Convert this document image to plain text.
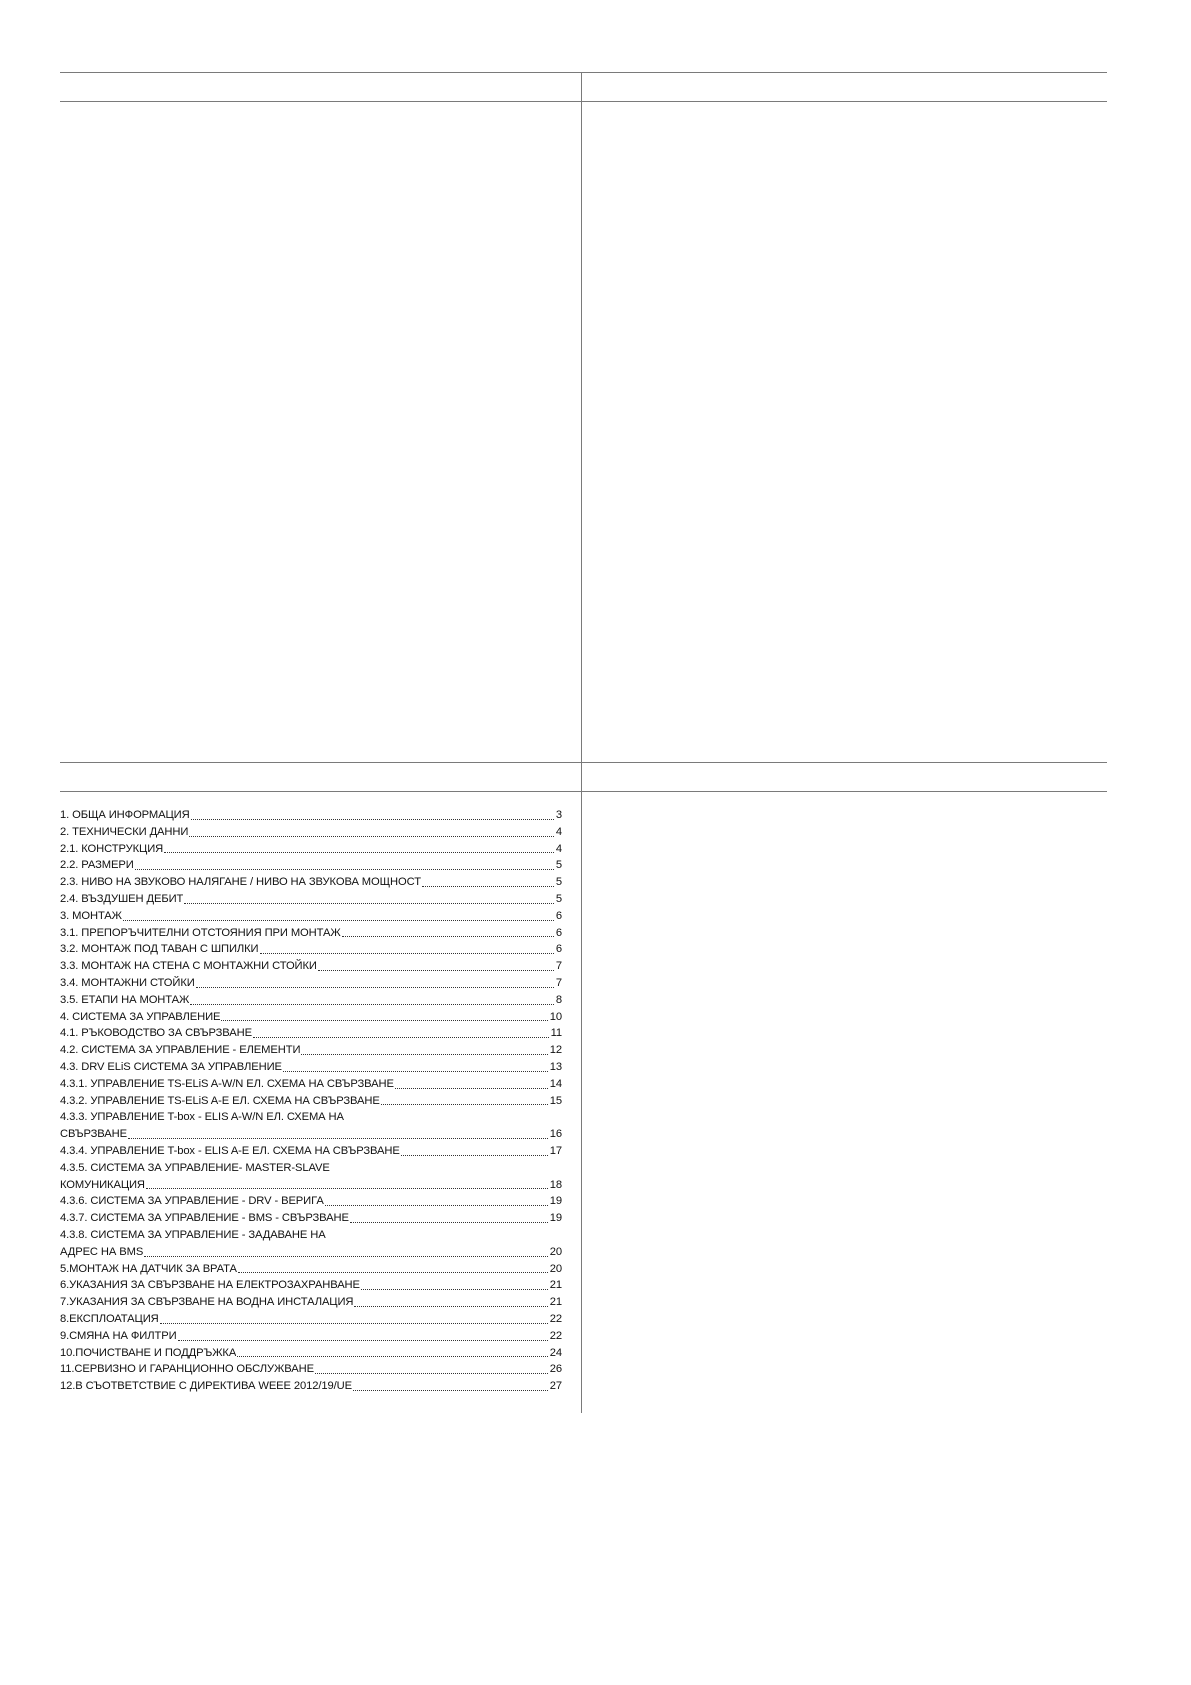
1. ОБЩА ИНФОРМАЦИЯ	3
2. ТЕХНИЧЕСКИ ДАННИ	4
2.1. КОНСТРУКЦИЯ	4
2.2. РАЗМЕРИ	5
2.3. НИВО НА ЗВУКОВО НАЛЯГАНЕ / НИВО НА ЗВУКОВА МОЩНОСТ	5
2.4. ВЪЗДУШЕН ДЕБИТ	5
3. МОНТАЖ	6
3.1. ПРЕПОРЪЧИТЕЛНИ ОТСТОЯНИЯ ПРИ МОНТАЖ	6
3.2. МОНТАЖ ПОД ТАВАН С ШПИЛКИ	6
3.3. МОНТАЖ НА СТЕНА С МОНТАЖНИ СТОЙКИ	7
3.4. МОНТАЖНИ СТОЙКИ	7
3.5. ЕТАПИ НА МОНТАЖ	8
4. СИСТЕМА ЗА УПРАВЛЕНИЕ	10
4.1. РЪКОВОДСТВО ЗА СВЪРЗВАНЕ	11
4.2. СИСТЕМА ЗА УПРАВЛЕНИЕ - ЕЛЕМЕНТИ	12
4.3. DRV ELiS СИСТЕМА ЗА УПРАВЛЕНИЕ	13
4.3.1. УПРАВЛЕНИЕ TS-ELiS A-W/N ЕЛ. СХЕМА НА СВЪРЗВАНЕ	14
4.3.2. УПРАВЛЕНИЕ TS-ELiS A-E ЕЛ. СХЕМА НА СВЪРЗВАНЕ	15
4.3.3. УПРАВЛЕНИЕ T-box - ELIS A-W/N ЕЛ. СХЕМА НА
СВЪРЗВАНЕ	16
4.3.4. УПРАВЛЕНИЕ T-box - ELIS A-E ЕЛ. СХЕМА НА СВЪРЗВАНЕ	17
4.3.5. СИСТЕМА ЗА УПРАВЛЕНИЕ- MASTER-SLAVE
КОМУНИКАЦИЯ	18
4.3.6. СИСТЕМА ЗА УПРАВЛЕНИЕ - DRV - ВЕРИГА	19
4.3.7. СИСТЕМА ЗА УПРАВЛЕНИЕ - BMS - СВЪРЗВАНЕ	19
4.3.8. СИСТЕМА ЗА УПРАВЛЕНИЕ - ЗАДАВАНЕ НА
АДРЕС НА BMS	20
5.МОНТАЖ НА ДАТЧИК ЗА ВРАТА	20
6.УКАЗАНИЯ ЗА СВЪРЗВАНЕ НА ЕЛЕКТРОЗАХРАНВАНЕ	21
7.УКАЗАНИЯ ЗА СВЪРЗВАНЕ НА ВОДНА ИНСТАЛАЦИЯ	21
8.ЕКСПЛОАТАЦИЯ	22
9.СМЯНА НА ФИЛТРИ	22
10.ПОЧИСТВАНЕ И ПОДДРЪЖКА	24
11.СЕРВИЗНО И ГАРАНЦИОННО ОБСЛУЖВАНЕ	26
12.В СЪОТВЕТСТВИЕ С ДИРЕКТИВА WEEE 2012/19/UE	27
